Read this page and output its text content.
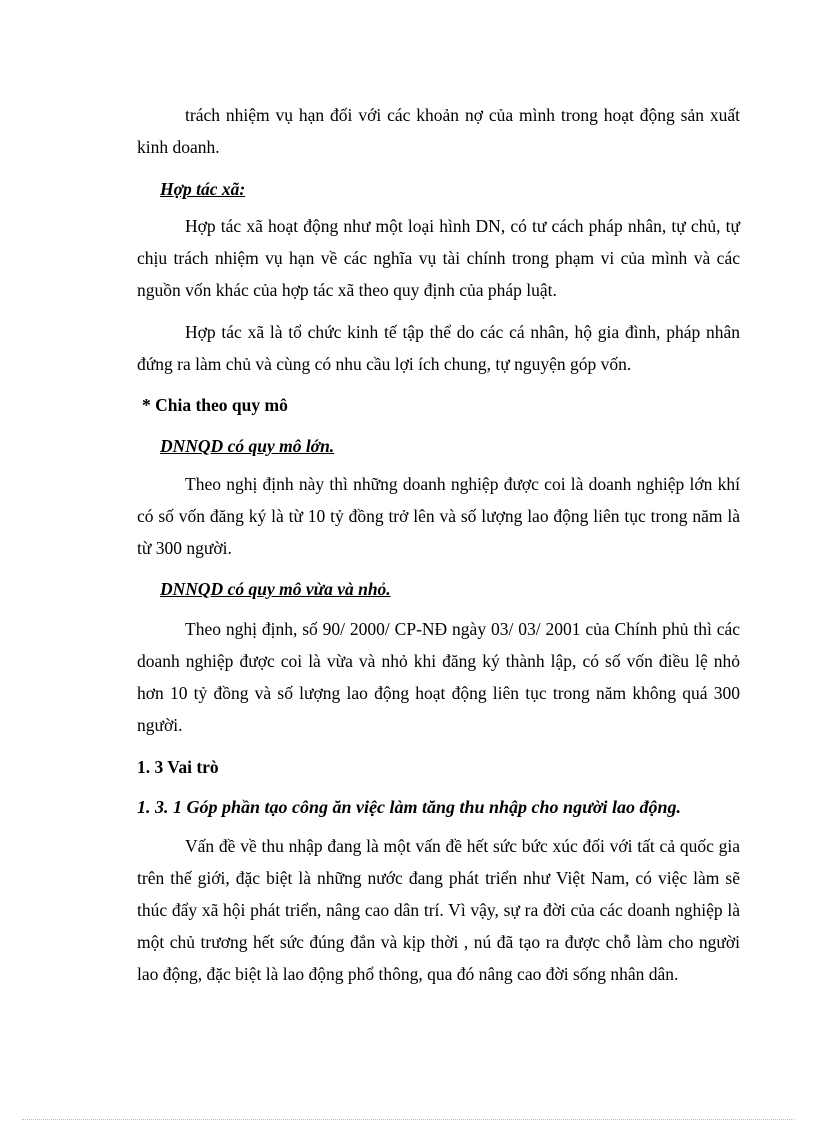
trách nhiệm vụ hạn đối với các khoản nợ của mình trong hoạt động sản xuất kinh doanh.

Hợp tác xã:

Hợp tác xã hoạt động như một loại hình DN, có tư cách pháp nhân, tự chủ, tự chịu trách nhiệm vụ hạn về các nghĩa vụ tài chính trong phạm vi của mình và các nguồn vốn khác của hợp tác xã theo quy định của pháp luật.

Hợp tác xã là tổ chức kinh tế tập thể do các cá nhân, hộ gia đình, pháp nhân đứng ra làm chủ và cùng có nhu cầu lợi ích chung, tự nguyện góp vốn.

* Chia theo quy mô

DNNQD có quy mô lớn.

Theo nghị định này thì những doanh nghiệp được coi là doanh nghiệp lớn khí có số vốn đăng ký là từ 10 tỷ đồng trở lên và số lượng lao động liên tục trong năm là từ 300 người.

DNNQD có quy mô vừa và nhỏ.

Theo nghị định, số 90/ 2000/ CP-NĐ ngày 03/ 03/ 2001 của Chính phủ thì các doanh nghiệp được coi là vừa và nhỏ khi đăng ký thành lập, có số vốn điều lệ nhỏ hơn 10 tỷ đồng và số lượng lao động hoạt động liên tục trong năm không quá 300 người.

1. 3 Vai trò

1. 3. 1 Góp phần tạo công ăn việc làm tăng thu nhập cho người lao động.

Vấn đề về thu nhập đang là một vấn đề hết sức bức xúc đối với tất cả quốc gia trên thế giới, đặc biệt là những nước đang phát triển như Việt Nam, có việc làm sẽ thúc đẩy xã hội phát triển, nâng cao dân trí. Vì vậy, sự ra đời của các doanh nghiệp là một chủ trương hết sức đúng đắn và kịp thời , nú đã tạo ra được chỗ làm cho người lao động, đặc biệt là lao động phổ thông, qua đó nâng cao đời sống nhân dân.
